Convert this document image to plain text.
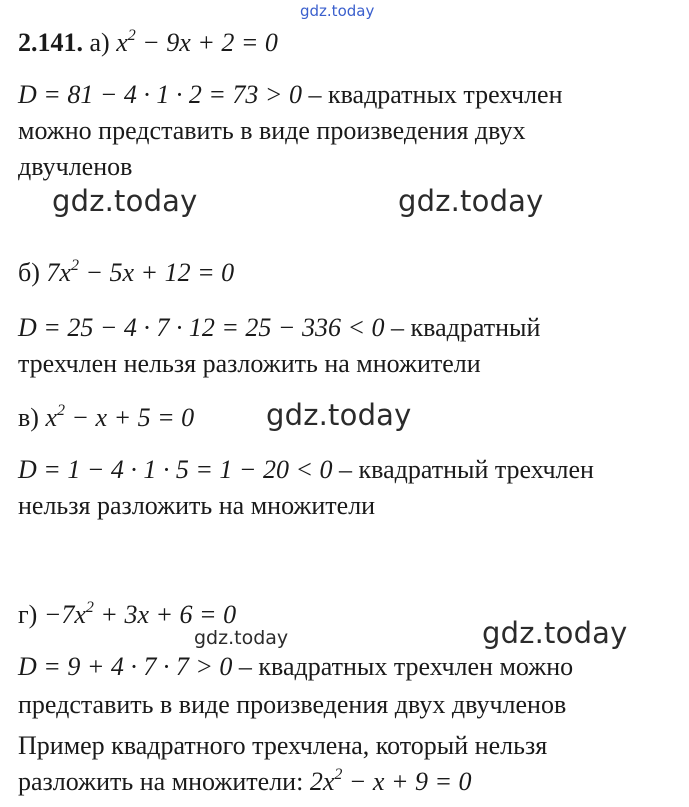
gdz.today
gdz.today	gdz.today
gdz.today
gdz.today	gdz.today
2.141. а) $x^2 - 9x + 2 = 0$
D = 81 − 4 · 1 · 2 = 73 > 0 – квадратных трехчлен
можно представить в виде произведения двух
двучленов
б) $7x^2 - 5x + 12 = 0$
D = 25 − 4 · 7 · 12 = 25 − 336 < 0 – квадратный
трехчлен нельзя разложить на множители
в) $x^2 - x + 5 = 0$
D = 1 − 4 · 1 · 5 = 1 − 20 < 0 – квадратный трехчлен
нельзя разложить на множители
$г) -7x^2 + 3x + 6 = 0$
D = 9 + 4 · 7 · 7 > 0 – квадратных трехчлен можно
представить в виде произведения двух двучленов
Пример квадратного трехчлена, который нельзя
разложить на множители: $2x^2 - x + 9 = 0$
